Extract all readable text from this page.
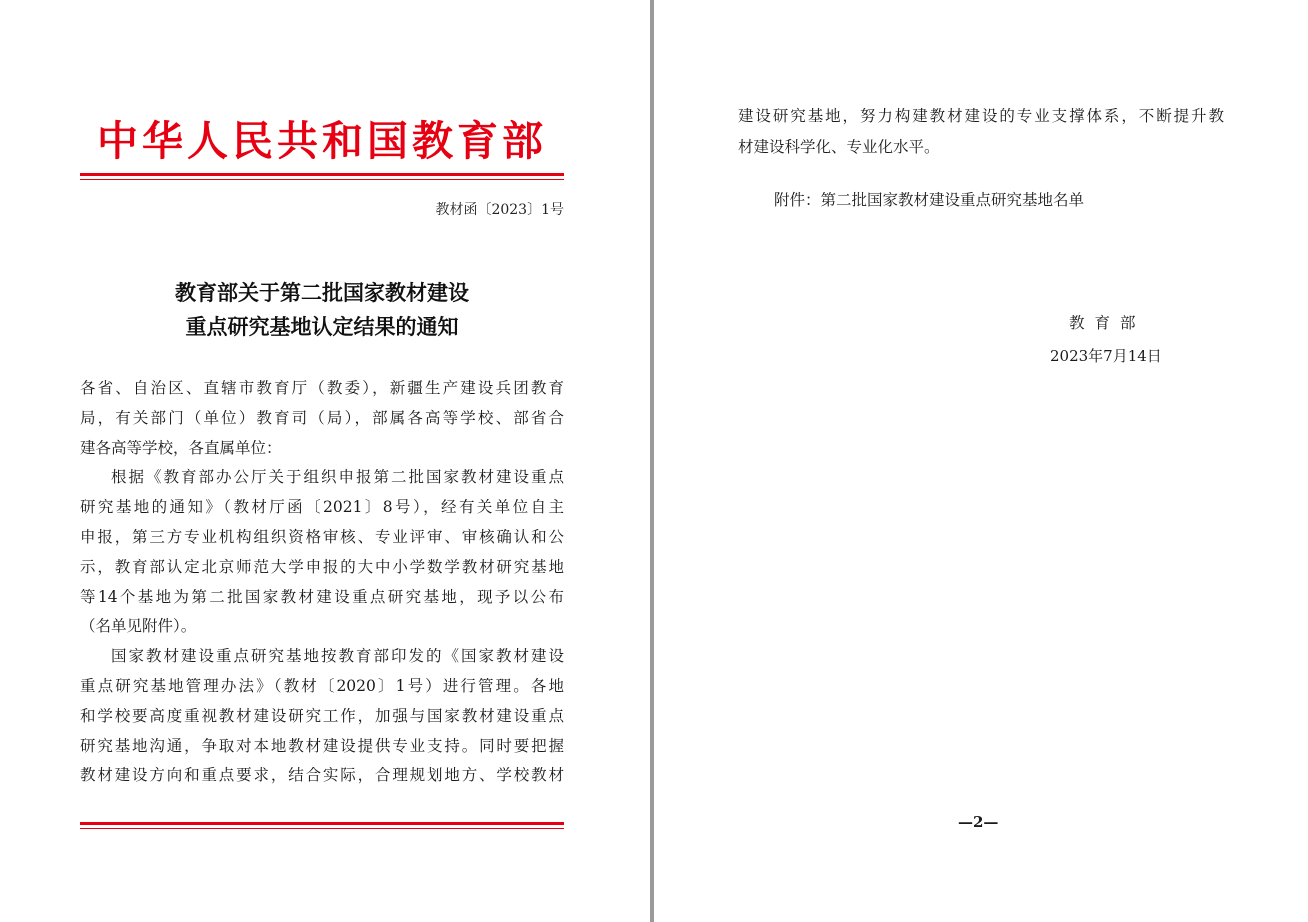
中华人民共和国教育部
教材函〔2023〕1号
教育部关于第二批国家教材建设
重点研究基地认定结果的通知

各省、自治区、直辖市教育厅（教委），新疆生产建设兵团教育

局，有关部门（单位）教育司（局），部属各高等学校、部省合

建各高等学校，各直属单位：

根据《教育部办公厅关于组织申报第二批国家教材建设重点

研究基地的通知》（教材厅函〔2021〕8号），经有关单位自主

申报，第三方专业机构组织资格审核、专业评审、审核确认和公

示，教育部认定北京师范大学申报的大中小学数学教材研究基地

等14个基地为第二批国家教材建设重点研究基地，现予以公布

（名单见附件）。

国家教材建设重点研究基地按教育部印发的《国家教材建设

重点研究基地管理办法》（教材〔2020〕1号）进行管理。各地

和学校要高度重视教材建设研究工作，加强与国家教材建设重点

研究基地沟通，争取对本地教材建设提供专业支持。同时要把握

教材建设方向和重点要求，结合实际，合理规划地方、学校教材

建设研究基地，努力构建教材建设的专业支撑体系，不断提升教

材建设科学化、专业化水平。

附件：第二批国家教材建设重点研究基地名单
教育部
2023年7月14日
—2—
